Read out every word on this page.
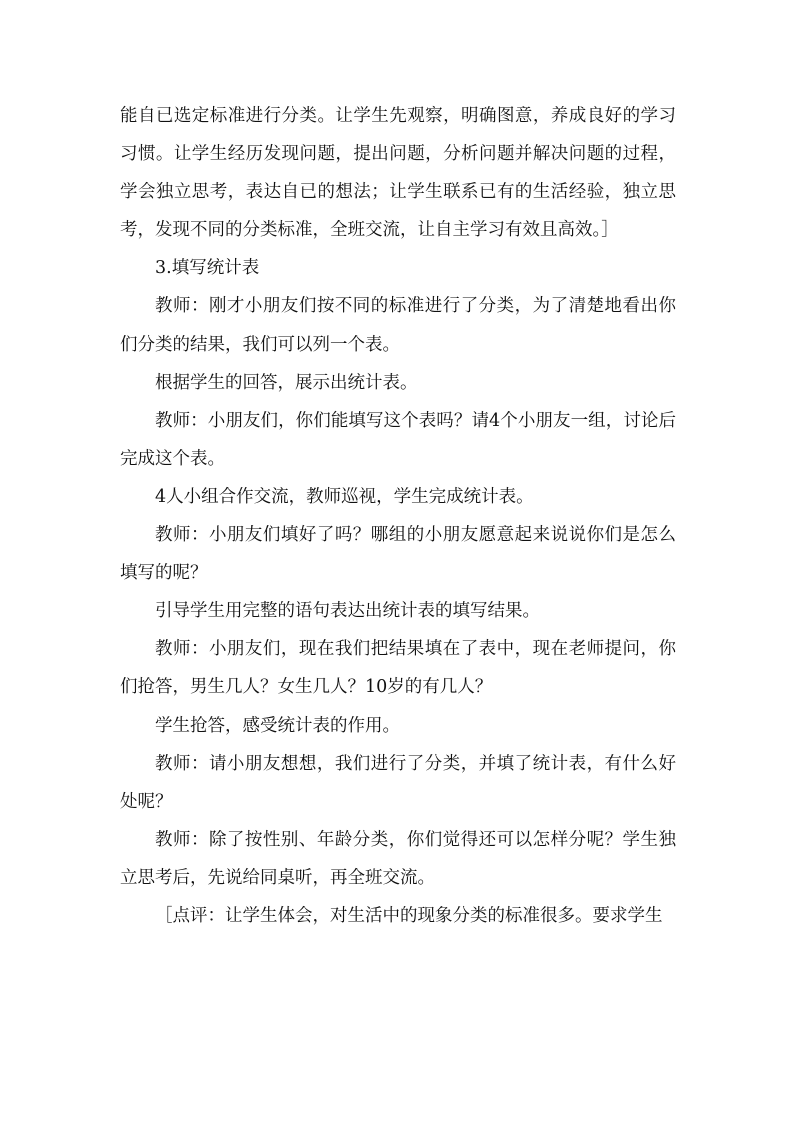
能自已选定标准进行分类。让学生先观察，明确图意，养成良好的学习习惯。让学生经历发现问题，提出问题，分析问题并解决问题的过程，学会独立思考，表达自已的想法；让学生联系已有的生活经验，独立思考，发现不同的分类标准，全班交流，让自主学习有效且高效。］

3.填写统计表

教师：刚才小朋友们按不同的标准进行了分类，为了清楚地看出你们分类的结果，我们可以列一个表。

根据学生的回答，展示出统计表。

教师：小朋友们，你们能填写这个表吗？请4个小朋友一组，讨论后完成这个表。

4人小组合作交流，教师巡视，学生完成统计表。

教师：小朋友们填好了吗？哪组的小朋友愿意起来说说你们是怎么填写的呢？

引导学生用完整的语句表达出统计表的填写结果。

教师：小朋友们，现在我们把结果填在了表中，现在老师提问，你们抢答，男生几人？女生几人？10岁的有几人？

学生抢答，感受统计表的作用。

教师：请小朋友想想，我们进行了分类，并填了统计表，有什么好处呢？

教师：除了按性别、年龄分类，你们觉得还可以怎样分呢？学生独立思考后，先说给同桌听，再全班交流。

［点评：让学生体会，对生活中的现象分类的标准很多。要求学生
